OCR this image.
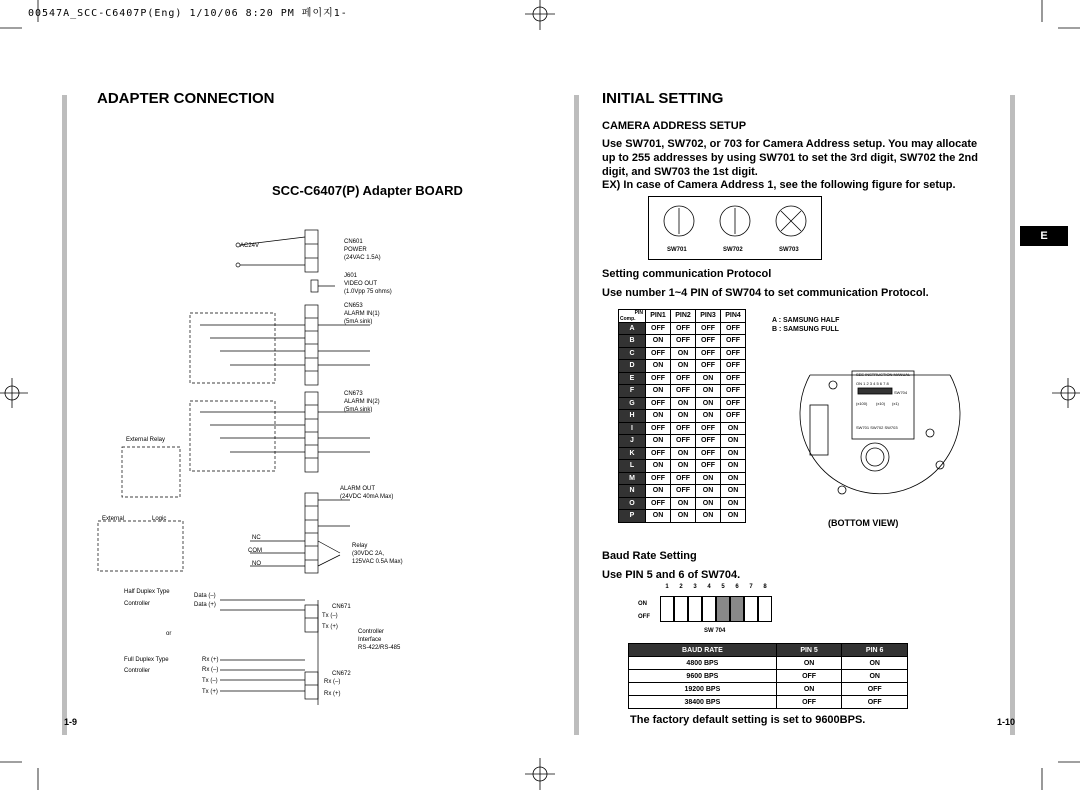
00547A_SCC-C6407P(Eng) 1/10/06 8:20 PM 페이지1-
ADAPTER CONNECTION
SCC-C6407(P) Adapter BOARD
AC24V
CN601
POWER
(24VAC 1.5A)
J601
VIDEO OUT
(1.0Vpp 75 ohms)
CN653
ALARM IN(1)
(5mA sink)
CN673
ALARM IN(2)
(5mA sink)
External Relay
ALARM OUT
(24VDC 40mA Max)
External	Logic
NC
COM
NO
Relay
(30VDC 2A,
125VAC 0.5A Max)
Half Duplex Type
Controller
Data (–)
Data (+)	CN671
Tx (–)
Tx (+)
Controller
Interface
RS-422/RS-485
or
Full Duplex Type
Controller
Rx (+)
Rx (–)
Tx (–)
Tx (+)
CN672
Rx (–)
Rx (+)
1-9
INITIAL SETTING
CAMERA ADDRESS SETUP
Use SW701, SW702, or 703 for Camera Address setup. You may allocate up to 255 addresses by using SW701 to set the 3rd digit, SW702 the 2nd digit, and SW703 the 1st digit.
EX) In case of Camera Address 1, see the following figure for setup.
SW701	SW702	SW703
E
Setting communication Protocol
Use number 1~4 PIN of SW704 to set communication Protocol.
PIN
Comp.	PIN1	PIN2	PIN3	PIN4
A	OFF	OFF	OFF	OFF
B	ON	OFF	OFF	OFF
C	OFF	ON	OFF	OFF
D	ON	ON	OFF	OFF
E	OFF	OFF	ON	OFF
F	ON	OFF	ON	OFF
G	OFF	ON	ON	OFF
H	ON	ON	ON	OFF
I	OFF	OFF	OFF	ON
J	ON	OFF	OFF	ON
K	OFF	ON	OFF	ON
L	ON	ON	OFF	ON
M	OFF	OFF	ON	ON
N	ON	OFF	ON	ON
O	OFF	ON	ON	ON
P	ON	ON	ON	ON
A : SAMSUNG HALF
B : SAMSUNG FULL
SEE INSTRUCTION MANUAL
ON 1 2 3 4 5 6 7 8
SW704
(x100) (x10) (x1)
SW701 SW702 SW703
(BOTTOM VIEW)
Baud Rate Setting
Use PIN 5 and 6 of SW704.
1	2	3	4	5	6	7	8
ON
OFF
SW 704
BAUD RATE	PIN 5	PIN 6
4800 BPS	ON	ON
9600 BPS	OFF	ON
19200 BPS	ON	OFF
38400 BPS	OFF	OFF
The factory default setting is set to 9600BPS.	1-10
